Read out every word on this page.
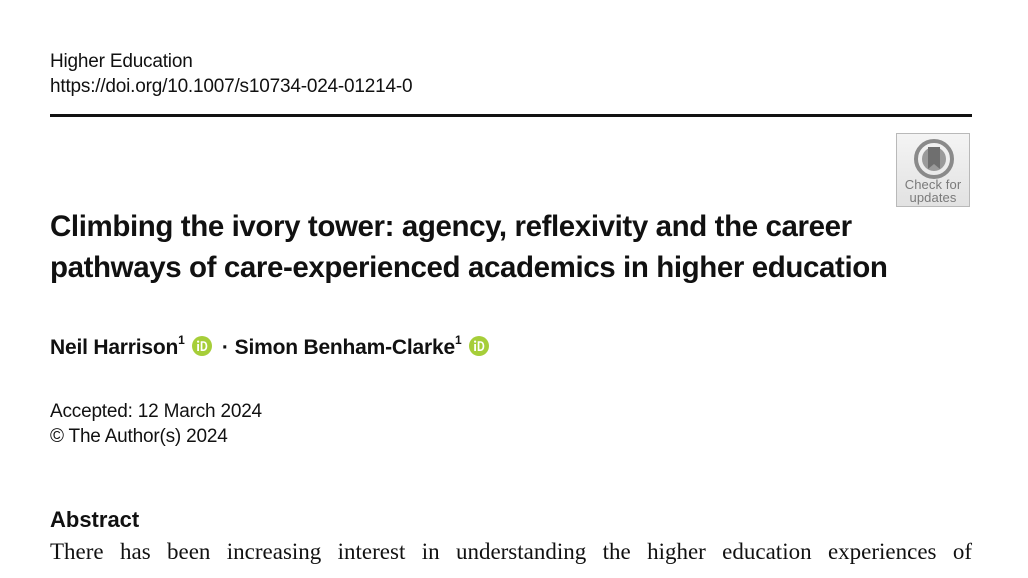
Higher Education
https://doi.org/10.1007/s10734-024-01214-0
Check for
updates
Climbing the ivory tower: agency, reflexivity and the career pathways of care-experienced academics in higher education
Neil Harrison$^1$ · Simon Benham-Clarke$^1$
Accepted: 12 March 2024
© The Author(s) 2024
Abstract

There has been increasing interest in understanding the higher education experiences of
